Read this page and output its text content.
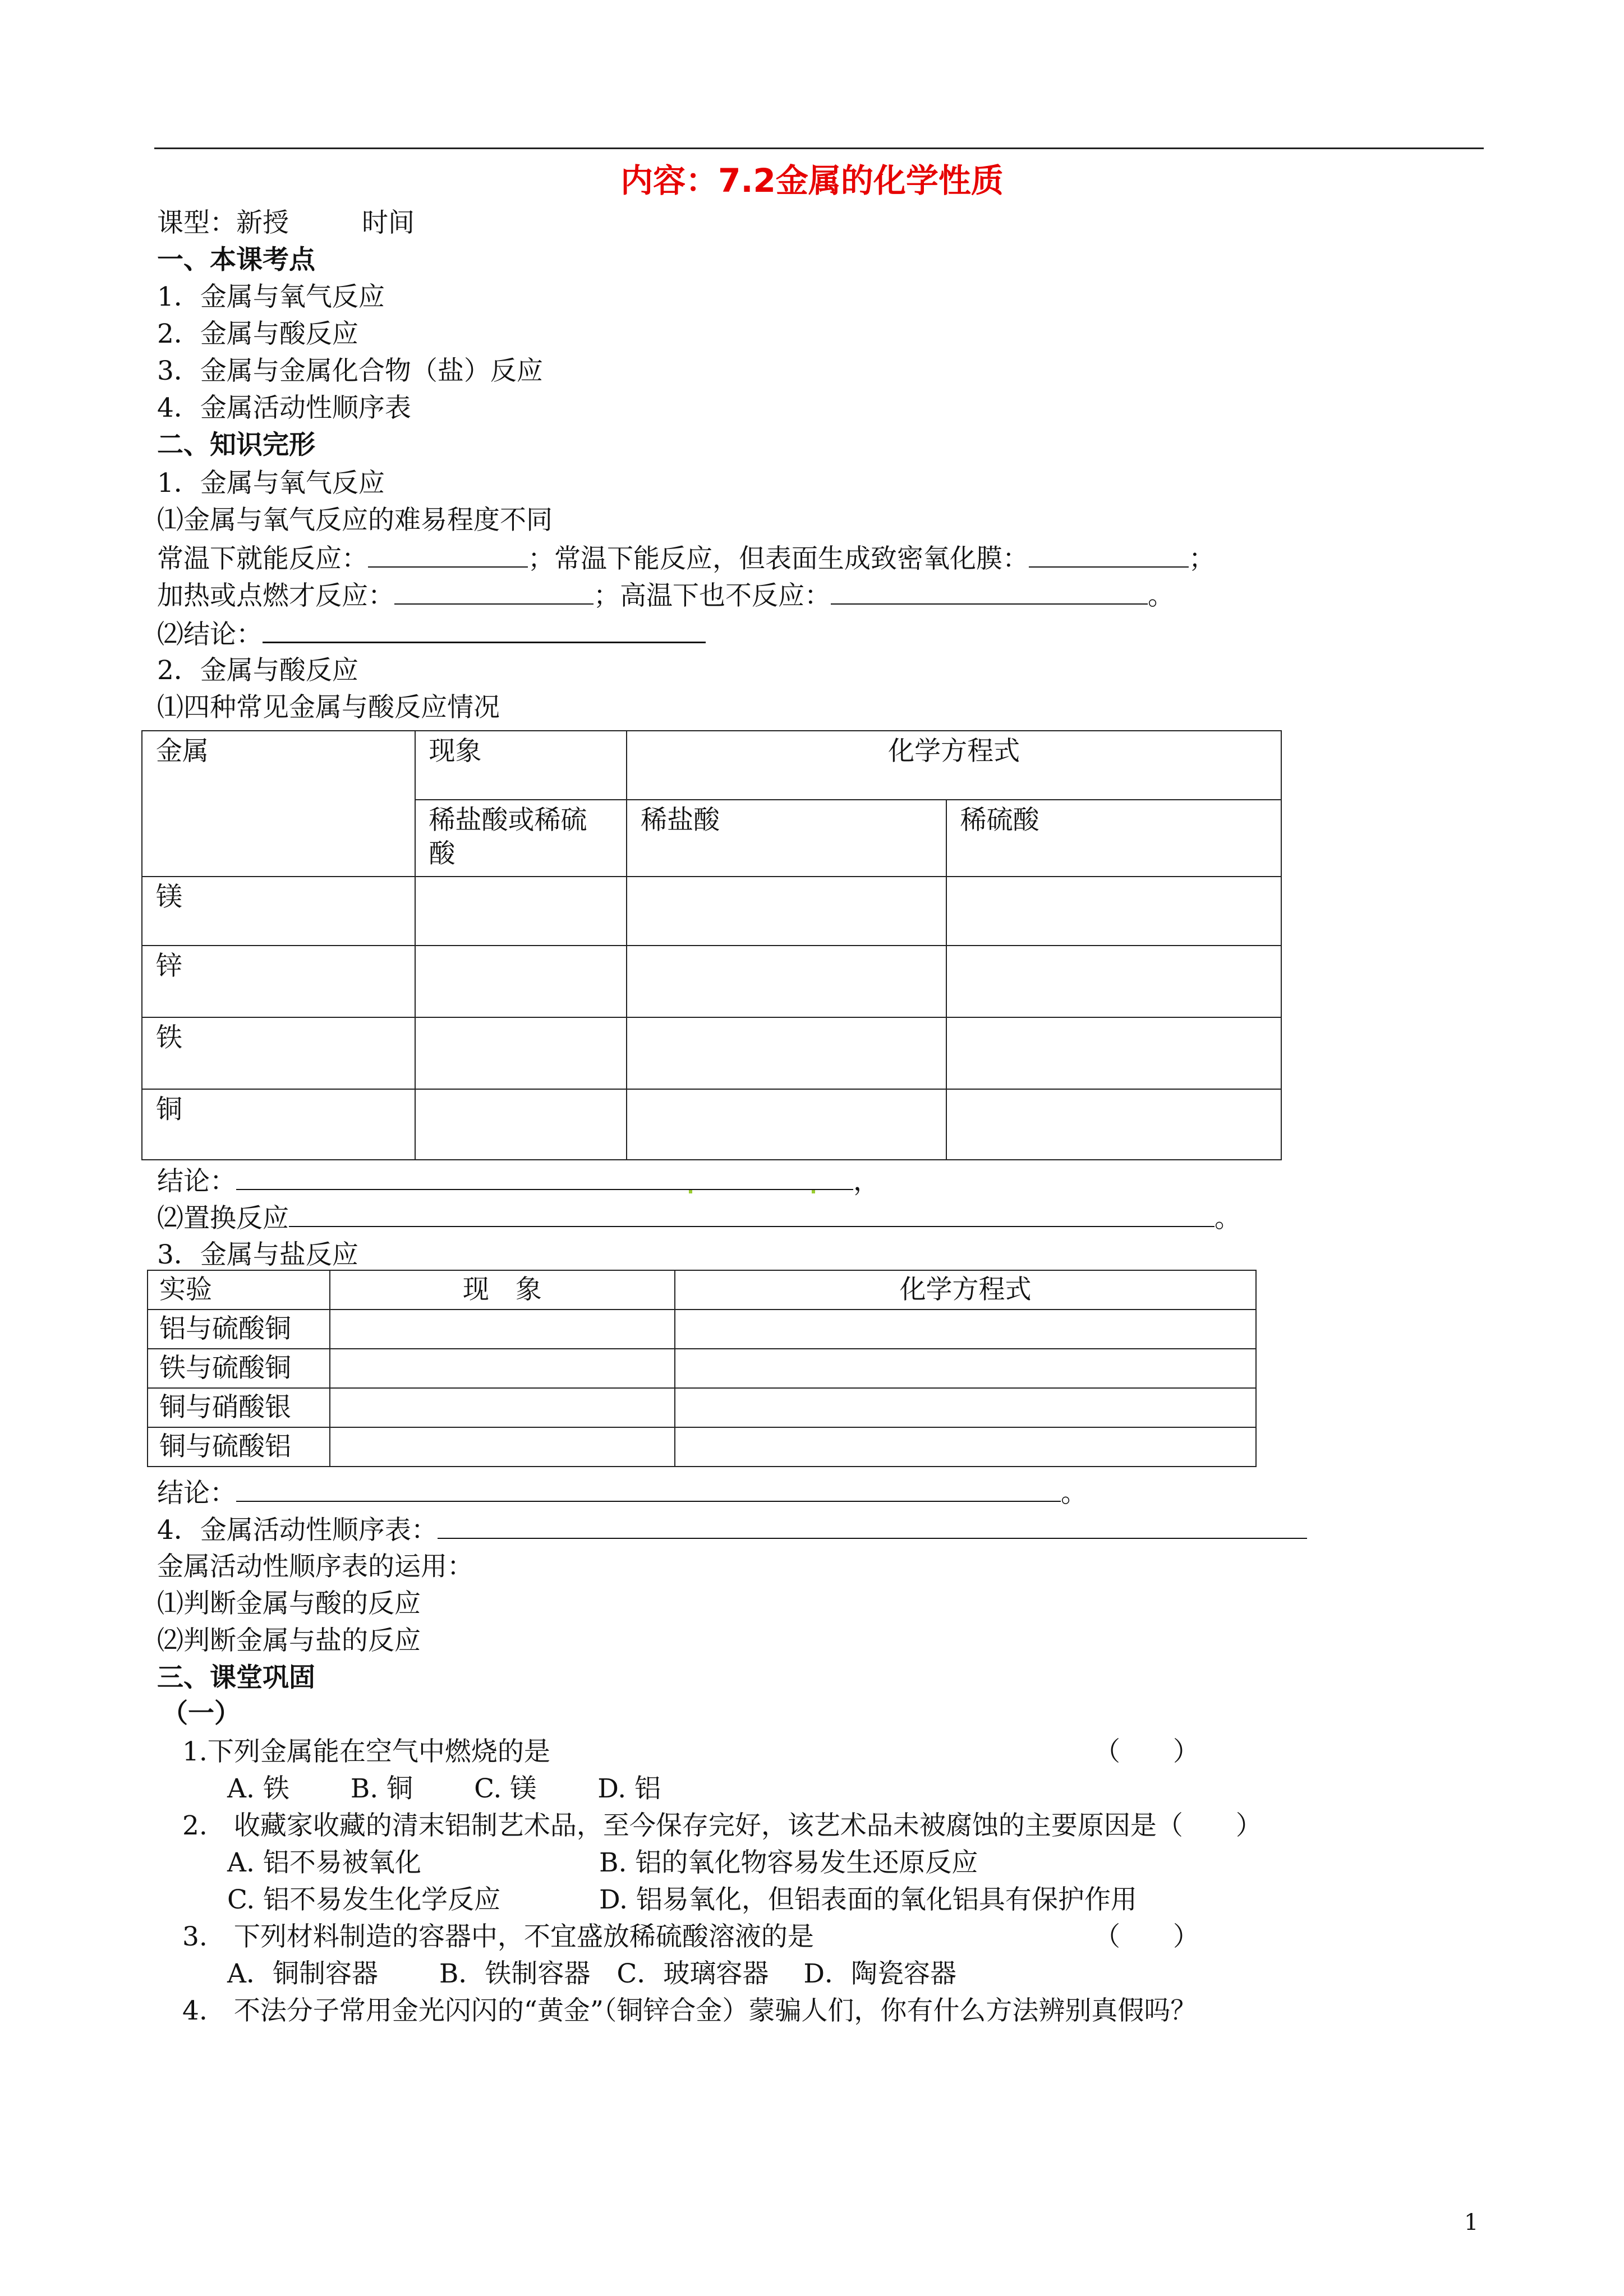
内容：7.2金属的化学性质
课型：新授	时间
一、本课考点
1．金属与氧气反应
2．金属与酸反应
3．金属与金属化合物（盐）反应
4．金属活动性顺序表
二、知识完形
1．金属与氧气反应
⑴金属与氧气反应的难易程度不同
常温下就能反应：	；常温下能反应，但表面生成致密氧化膜：	；
加热或点燃才反应：	；高温下也不反应：	。
⑵结论：
2．金属与酸反应
⑴四种常见金属与酸反应情况
金属	现象	化学方程式	
	稀盐酸或稀硫酸	稀盐酸	稀硫酸
镁			
锌			
铁			
铜			
结论：	，
⑵置换反应	。
3．金属与盐反应
实验	现　象	化学方程式
铝与硫酸铜		
铁与硫酸铜		
铜与硝酸银		
铜与硫酸铝		
结论：	。
4．金属活动性顺序表：
金属活动性顺序表的运用：
⑴判断金属与酸的反应
⑵判断金属与盐的反应
三、课堂巩固
（一）
1.下列金属能在空气中燃烧的是	（　　）
A. 铁　　 B. 铜　　 C. 镁　　 D. 铝
2.　收藏家收藏的清末铝制艺术品，至今保存完好，该艺术品未被腐蚀的主要原因是（　　）
A. 铝不易被氧化	B. 铝的氧化物容易发生还原反应
C. 铝不易发生化学反应	D. 铝易氧化，但铝表面的氧化铝具有保护作用
3.　下列材料制造的容器中，不宜盛放稀硫酸溶液的是	（　　）
A．铜制容器　　 B．铁制容器　C．玻璃容器　 D．陶瓷容器
4.　不法分子常用金光闪闪的“黄金”（铜锌合金）蒙骗人们，你有什么方法辨别真假吗？
1
